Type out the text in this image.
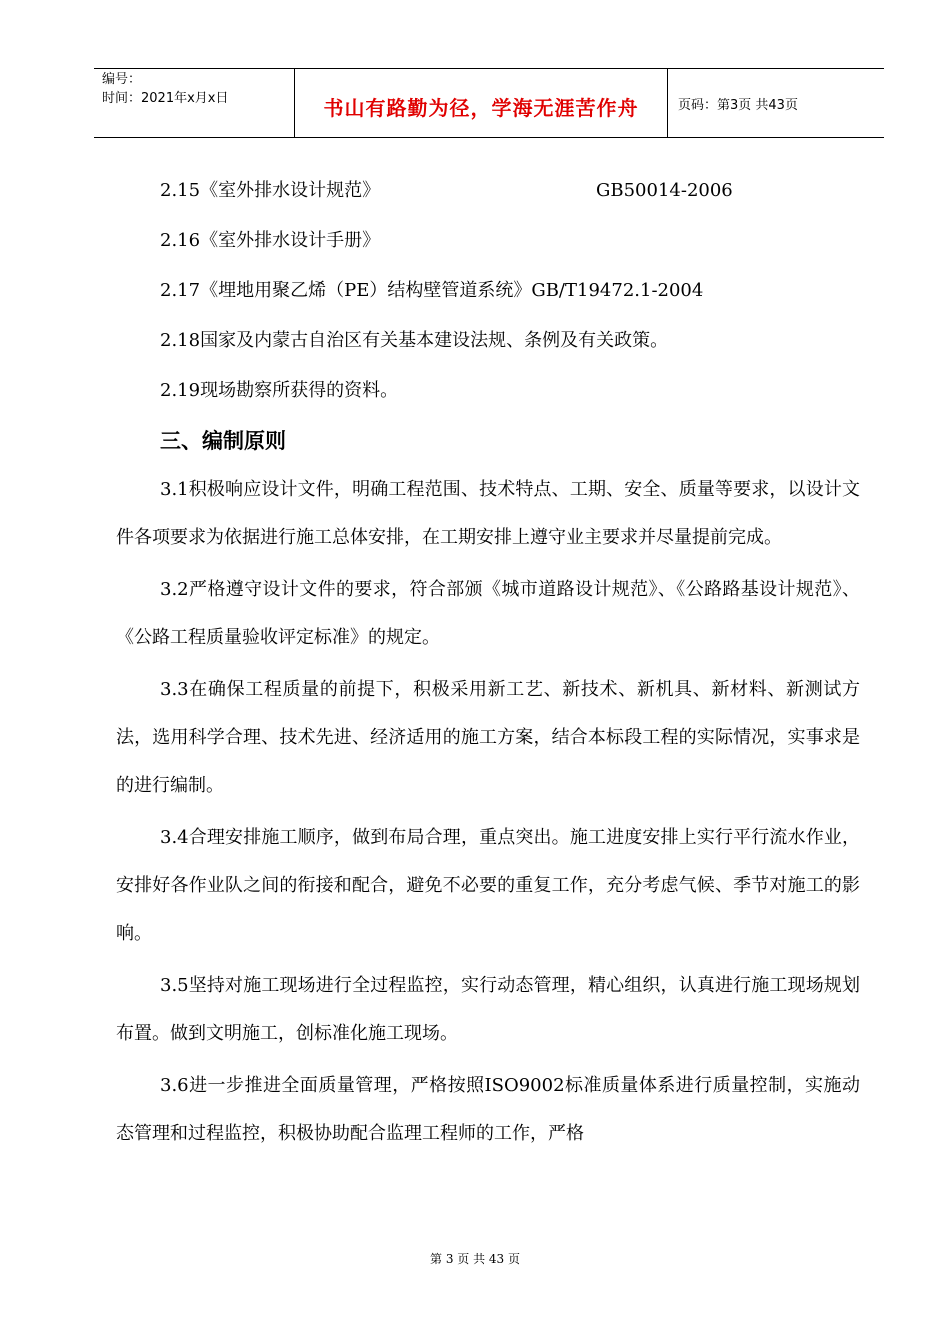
编号：
时间：2021年x月x日	书山有路勤为径，学海无涯苦作舟	页码：第3页 共43页
2.15《室外排水设计规范》	GB50014-2006
2.16《室外排水设计手册》
2.17《埋地用聚乙烯（PE）结构壁管道系统》GB/T19472.1-2004
2.18国家及内蒙古自治区有关基本建设法规、条例及有关政策。
2.19现场勘察所获得的资料。
三、编制原则

3.1积极响应设计文件，明确工程范围、技术特点、工期、安全、质量等要求，以设计文件各项要求为依据进行施工总体安排，在工期安排上遵守业主要求并尽量提前完成。

3.2严格遵守设计文件的要求，符合部颁《城市道路设计规范》、《公路路基设计规范》、《公路工程质量验收评定标准》的规定。

3.3在确保工程质量的前提下，积极采用新工艺、新技术、新机具、新材料、新测试方法，选用科学合理、技术先进、经济适用的施工方案，结合本标段工程的实际情况，实事求是的进行编制。

3.4合理安排施工顺序，做到布局合理，重点突出。施工进度安排上实行平行流水作业，安排好各作业队之间的衔接和配合，避免不必要的重复工作，充分考虑气候、季节对施工的影响。

3.5坚持对施工现场进行全过程监控，实行动态管理，精心组织，认真进行施工现场规划布置。做到文明施工，创标准化施工现场。

3.6进一步推进全面质量管理，严格按照ISO9002标准质量体系进行质量控制，实施动态管理和过程监控，积极协助配合监理工程师的工作，严格

第 3 页 共 43 页
